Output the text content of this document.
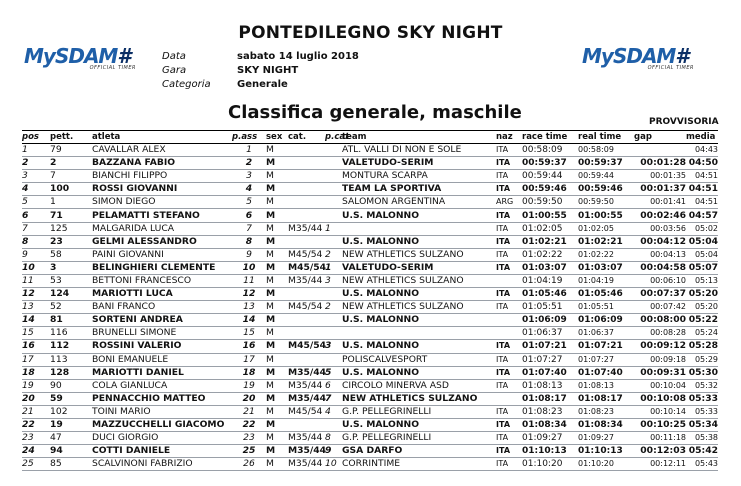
MySDAM#
OFFICIAL TIMER	MySDAM#
OFFICIAL TIMER
PONTEDILEGNO SKY NIGHT
Data	sabato 14 luglio 2018
Gara	SKY NIGHT
Categoria	Generale
Classifica generale, maschile	PROVVISORIA
pos	pett.	atleta	p.ass	sex	cat.	p.cat	team	naz	race time	real time	gap	media
1	79	CAVALLAR ALEX	1	M			ATL. VALLI DI NON E SOLE	ITA	00:58:09	00:58:09		04:43
2	2	BAZZANA FABIO	2	M			VALETUDO-SERIM	ITA	00:59:37	00:59:37	00:01:28	04:50
3	7	BIANCHI FILIPPO	3	M			MONTURA SCARPA	ITA	00:59:44	00:59:44	00:01:35	04:51
4	100	ROSSI GIOVANNI	4	M			TEAM LA SPORTIVA	ITA	00:59:46	00:59:46	00:01:37	04:51
5	1	SIMON DIEGO	5	M			SALOMON ARGENTINA	ARG	00:59:50	00:59:50	00:01:41	04:51
6	71	PELAMATTI STEFANO	6	M			U.S. MALONNO	ITA	01:00:55	01:00:55	00:02:46	04:57
7	125	MALGARIDA LUCA	7	M	M35/44	1		ITA	01:02:05	01:02:05	00:03:56	05:02
8	23	GELMI ALESSANDRO	8	M			U.S. MALONNO	ITA	01:02:21	01:02:21	00:04:12	05:04
9	58	PAINI GIOVANNI	9	M	M45/54	2	NEW ATHLETICS SULZANO	ITA	01:02:22	01:02:22	00:04:13	05:04
10	3	BELINGHIERI CLEMENTE	10	M	M45/54	1	VALETUDO-SERIM	ITA	01:03:07	01:03:07	00:04:58	05:07
11	53	BETTONI FRANCESCO	11	M	M35/44	3	NEW ATHLETICS SULZANO		01:04:19	01:04:19	00:06:10	05:13
12	124	MARIOTTI LUCA	12	M			U.S. MALONNO	ITA	01:05:46	01:05:46	00:07:37	05:20
13	52	BANI FRANCO	13	M	M45/54	2	NEW ATHLETICS SULZANO	ITA	01:05:51	01:05:51	00:07:42	05:20
14	81	SORTENI ANDREA	14	M			U.S. MALONNO		01:06:09	01:06:09	00:08:00	05:22
15	116	BRUNELLI SIMONE	15	M					01:06:37	01:06:37	00:08:28	05:24
16	112	ROSSINI VALERIO	16	M	M45/54	3	U.S. MALONNO	ITA	01:07:21	01:07:21	00:09:12	05:28
17	113	BONI EMANUELE	17	M			POLISCALVESPORT	ITA	01:07:27	01:07:27	00:09:18	05:29
18	128	MARIOTTI DANIEL	18	M	M35/44	5	U.S. MALONNO	ITA	01:07:40	01:07:40	00:09:31	05:30
19	90	COLA GIANLUCA	19	M	M35/44	6	CIRCOLO MINERVA ASD	ITA	01:08:13	01:08:13	00:10:04	05:32
20	59	PENNACCHIO MATTEO	20	M	M35/44	7	NEW ATHLETICS SULZANO		01:08:17	01:08:17	00:10:08	05:33
21	102	TOINI MARIO	21	M	M45/54	4	G.P. PELLEGRINELLI	ITA	01:08:23	01:08:23	00:10:14	05:33
22	19	MAZZUCCHELLI GIACOMO	22	M			U.S. MALONNO	ITA	01:08:34	01:08:34	00:10:25	05:34
23	47	DUCI GIORGIO	23	M	M35/44	8	G.P. PELLEGRINELLI	ITA	01:09:27	01:09:27	00:11:18	05:38
24	94	COTTI DANIELE	25	M	M35/44	9	GSA DARFO	ITA	01:10:13	01:10:13	00:12:03	05:42
25	85	SCALVINONI FABRIZIO	26	M	M35/44	10	CORRINTIME	ITA	01:10:20	01:10:20	00:12:11	05:43
